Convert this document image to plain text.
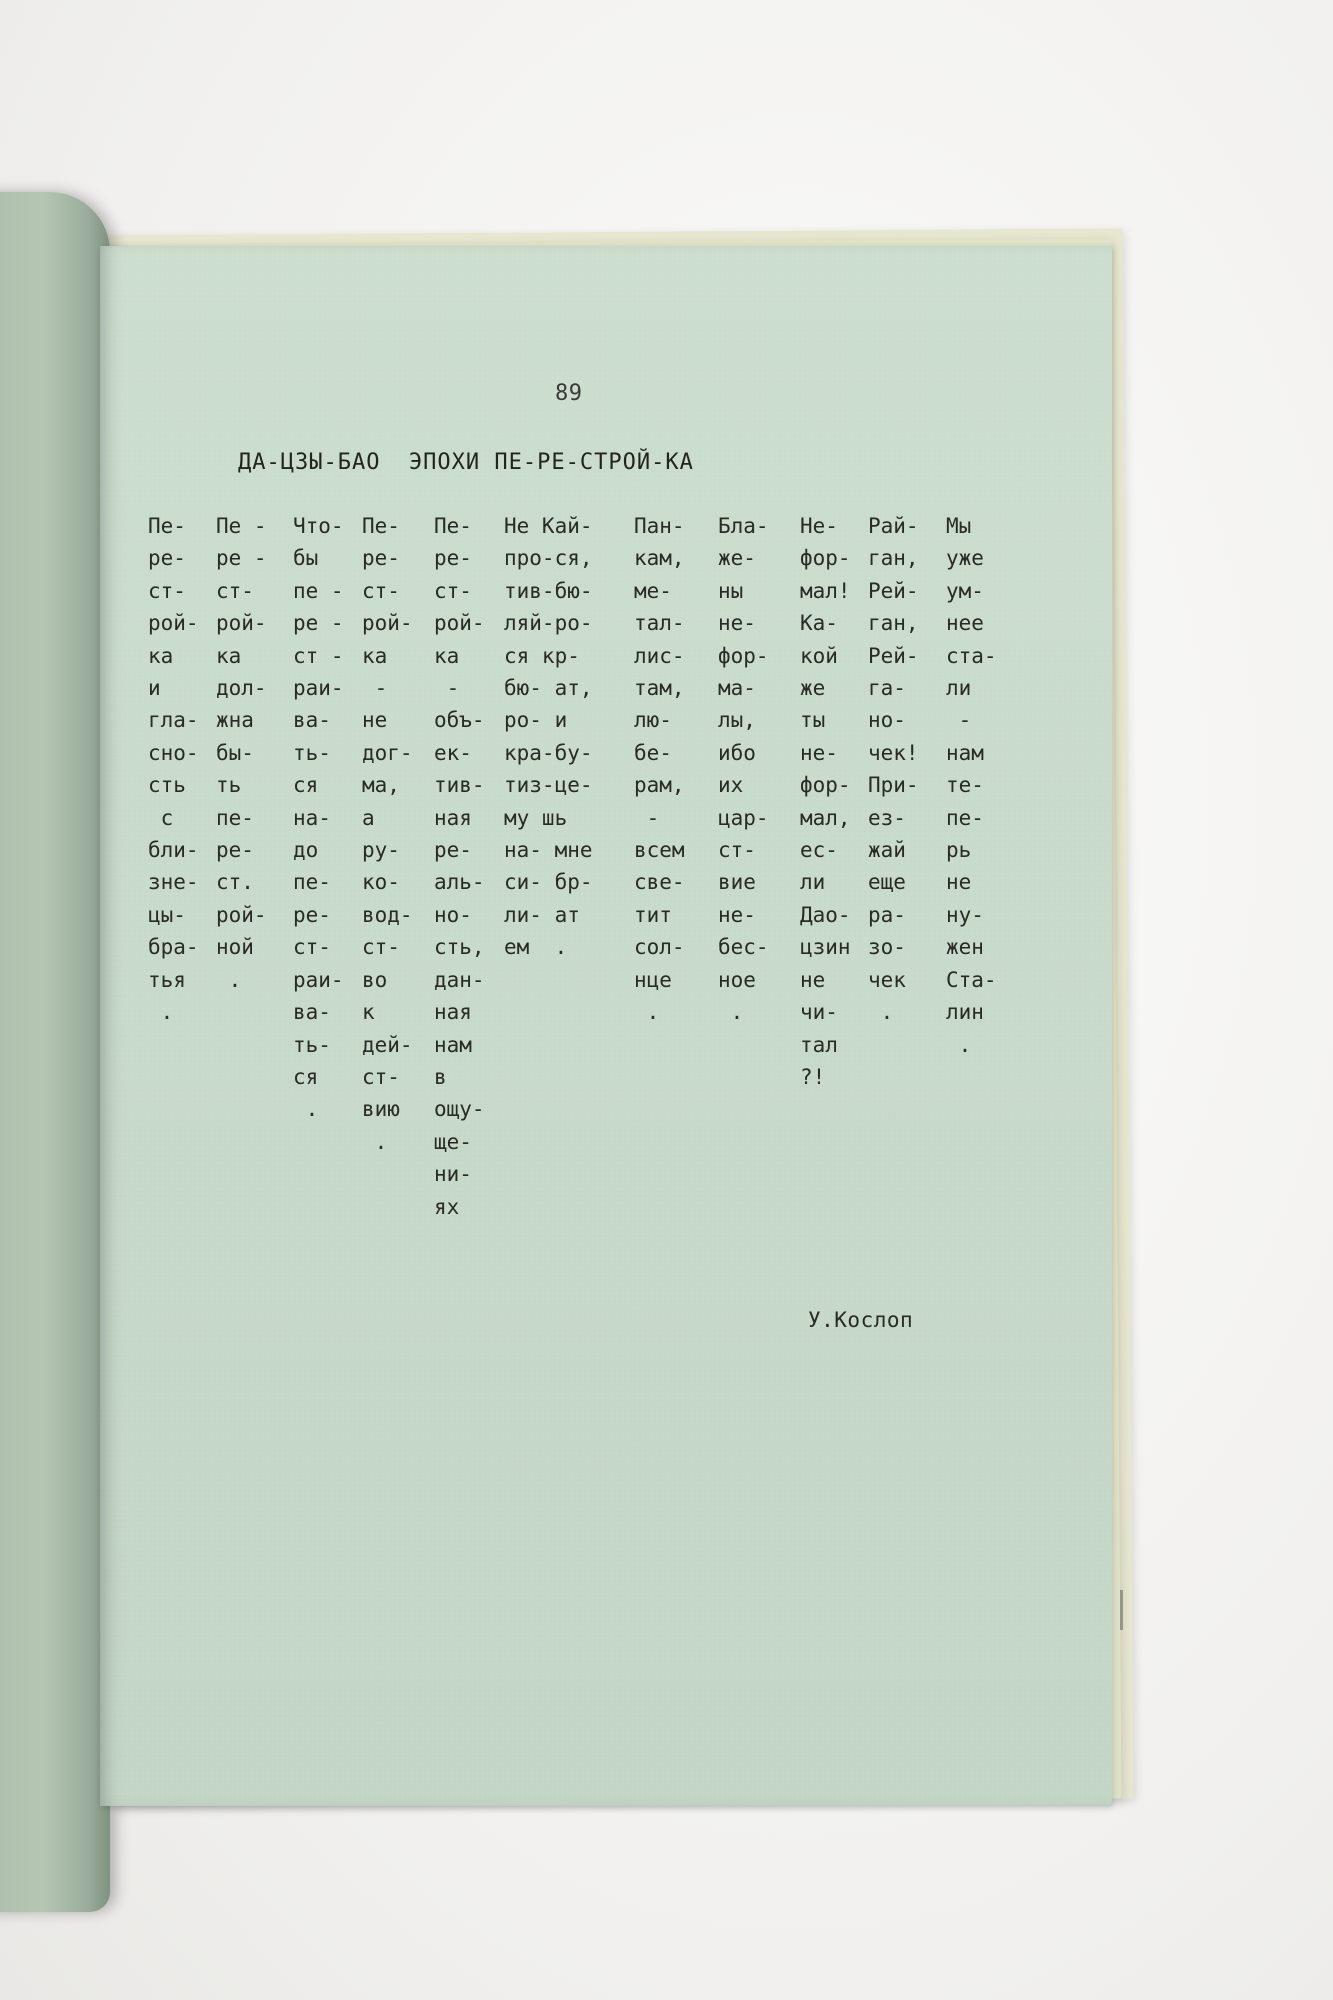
89
ДА-ЦЗЫ-БАО  ЭПОХИ ПЕ-РЕ-СТРОЙ-КА
Пе-
ре-
ст-
рой-
ка
и
гла-
сно-
сть
с
бли-
зне-
цы-
бра-
тья
.
Пе -
ре -
ст-
рой-
ка
дол-
жна
бы-
ть
пе-
ре-
ст.
рой-
ной
.
Что-
бы
пе -
ре -
ст -
раи-
ва-
ть-
ся
на-
до
пе-
ре-
ст-
раи-
ва-
ть-
ся
.
Пе-
ре-
ст-
рой-
ка
-
не
дог-
ма,
а
ру-
ко-
вод-
ст-
во
к
дей-
ст-
вию
.
Пе-
ре-
ст-
рой-
ка
-
объ-
ек-
тив-
ная
ре-
аль-
но-
сть,
дан-
ная
нам
в
ощу-
ще-
ни-
ях
Не Кай-
про-ся,
тив-бю-
ляй-ро-
ся кр-
бю- ат,
ро- и
кра-бу-
тиз-це-
му шь
на- мне
си- бр-
ли- ат
ем  .
Пан-
кам,
ме-
тал-
лис-
там,
лю-
бе-
рам,
-
всем
све-
тит
сол-
нце
.
Бла-
же-
ны
не-
фор-
ма-
лы,
ибо
их
цар-
ст-
вие
не-
бес-
ное
.
Не-
фор-
мал!
Ка-
кой
же
ты
не-
фор-
мал,
ес-
ли
Дао-
цзин
не
чи-
тал
?!
Рай-
ган,
Рей-
ган,
Рей-
га-
но-
чек!
При-
ез-
жай
еще
ра-
зо-
чек
.
Мы
уже
ум-
нее
ста-
ли
-
нам
те-
пе-
рь
не
ну-
жен
Ста-
лин
.
У.Кослоп
